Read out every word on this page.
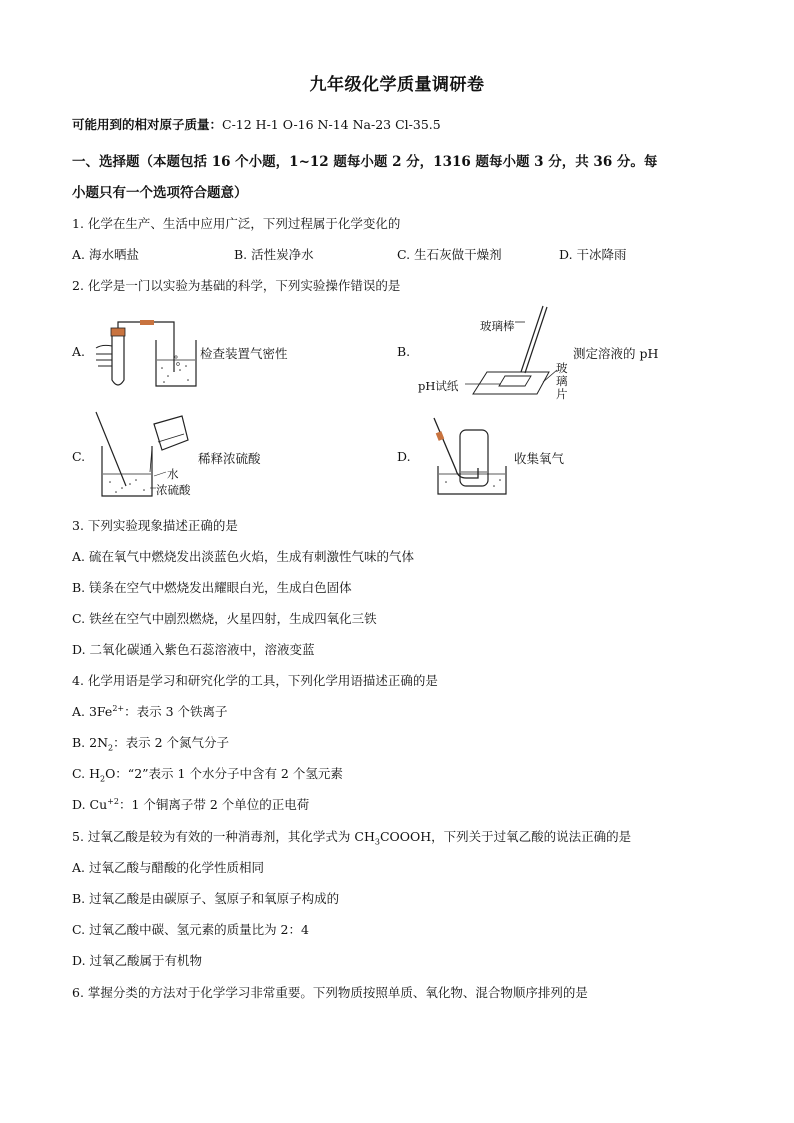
九年级化学质量调研卷
可能用到的相对原子质量：C-12 H-1 O-16 N-14 Na-23 Cl-35.5
一、选择题（本题包括 16 个小题，1~12 题每小题 2 分，1316 题每小题 3 分，共 36 分。每
小题只有一个选项符合题意）
1. 化学在生产、生活中应用广泛，下列过程属于化学变化的
A. 海水晒盐	B. 活性炭净水	C. 生石灰做干燥剂	D. 干冰降雨
2. 化学是一门以实验为基础的科学，下列实验操作错误的是
A.	检查装置气密性	B.
玻璃棒
pH试纸
测定溶液的 pH
玻
璃
片
C.
水
浓硫酸
稀释浓硫酸	D.	收集氧气
3. 下列实验现象描述正确的是
A. 硫在氧气中燃烧发出淡蓝色火焰，生成有刺激性气味的气体
B. 镁条在空气中燃烧发出耀眼白光，生成白色固体
C. 铁丝在空气中剧烈燃烧，火星四射，生成四氧化三铁
D. 二氧化碳通入紫色石蕊溶液中，溶液变蓝
4. 化学用语是学习和研究化学的工具，下列化学用语描述正确的是
A. $3Fe^{2+}$：表示 3 个铁离子
B. $2N_2$：表示 2 个氮气分子
C. $H_2O$：“2”表示 1 个水分子中含有 2 个氢元素
D. $Cu^{+2}$：1 个铜离子带 2 个单位的正电荷
5. 过氧乙酸是较为有效的一种消毒剂，其化学式为 $CH_3COOOH$，下列关于过氧乙酸的说法正确的是
A. 过氧乙酸与醋酸的化学性质相同
B. 过氧乙酸是由碳原子、氢原子和氧原子构成的
C. 过氧乙酸中碳、氢元素的质量比为 2：4
D. 过氧乙酸属于有机物
6. 掌握分类的方法对于化学学习非常重要。下列物质按照单质、氧化物、混合物顺序排列的是
